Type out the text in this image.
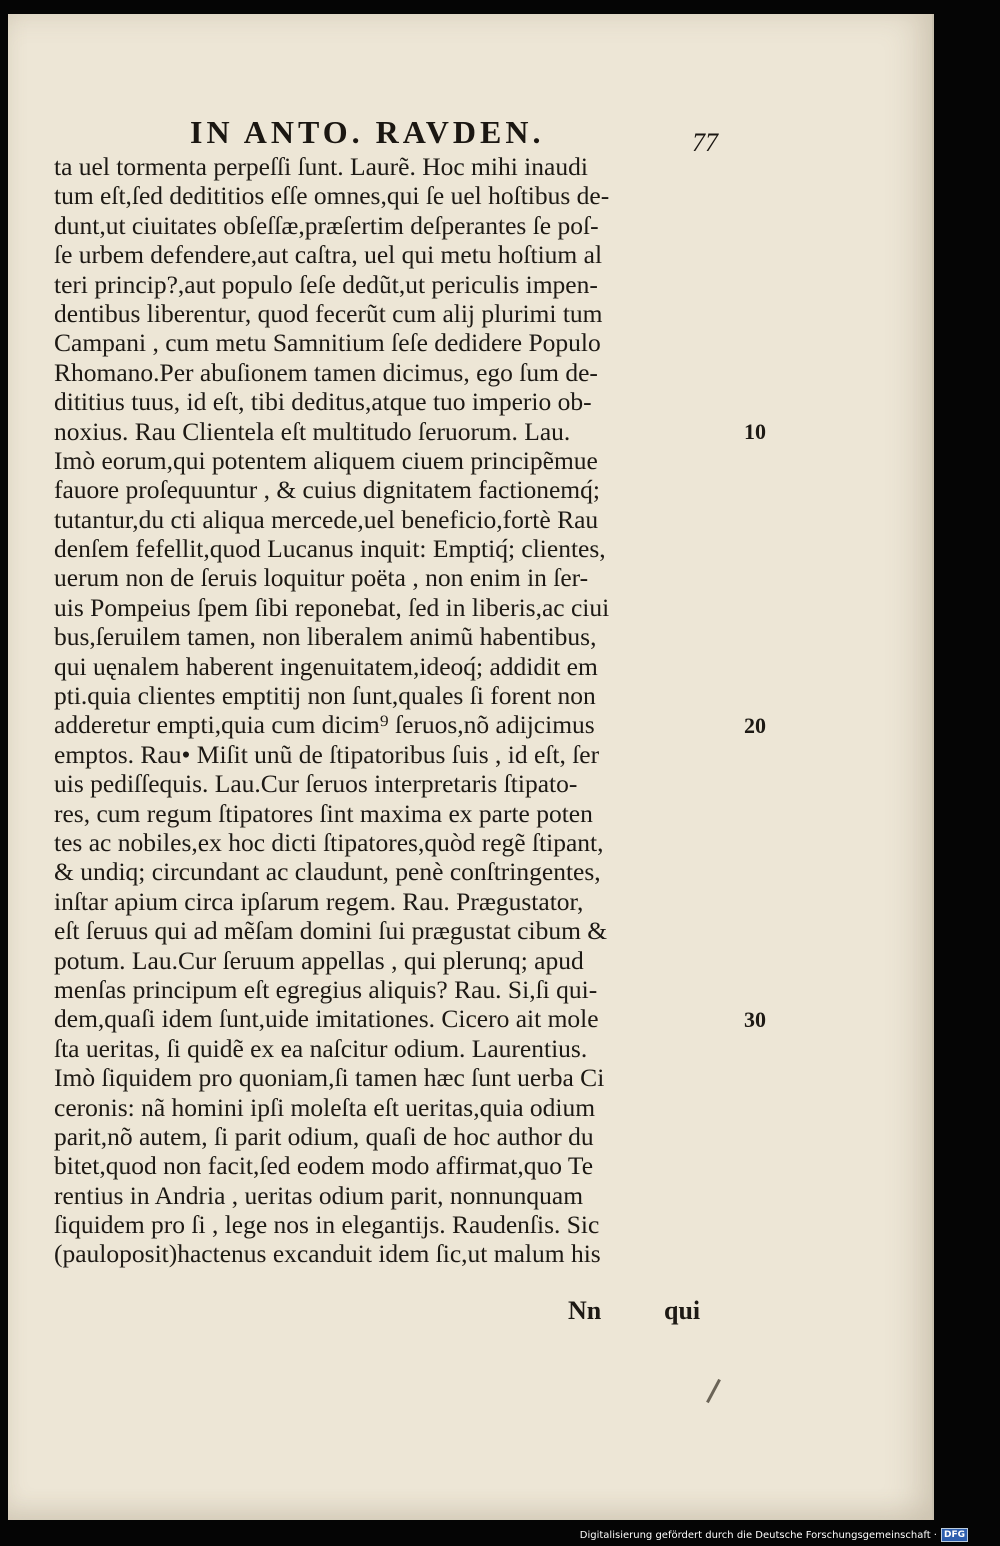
IN ANTO. RAVDEN.	77
ta uel tormenta perpeſſi ſunt. Laurẽ. Hoc mihi inaudi
tum eſt,ſed dedititios eſſe omnes,qui ſe uel hoſtibus de-
dunt,ut ciuitates obſeſſæ,præſertim deſperantes ſe poſ-
ſe urbem defendere,aut caſtra, uel qui metu hoſtium al
teri princip?,aut populo ſeſe dedũt,ut periculis impen-
dentibus liberentur, quod fecerũt cum alij plurimi tum
Campani , cum metu Samnitium ſeſe dedidere Populo
Rhomano.Per abuſionem tamen dicimus, ego ſum de-
dititius tuus, id eſt, tibi deditus,atque tuo imperio ob-
noxius. Rau Clientela eſt multitudo ſeruorum. Lau.
Imò eorum,qui potentem aliquem ciuem principẽmue
fauore proſequuntur , & cuius dignitatem factionemq́;
tutantur,du cti aliqua mercede,uel beneficio,fortè Rau
denſem fefellit,quod Lucanus inquit: Emptiq́; clientes,
uerum non de ſeruis loquitur poëta , non enim in ſer-
uis Pompeius ſpem ſibi reponebat, ſed in liberis,ac ciui
bus,ſeruilem tamen, non liberalem animũ habentibus,
qui uęnalem haberent ingenuitatem,ideoq́; addidit em
pti.quia clientes emptitij non ſunt,quales ſi forent non
adderetur empti,quia cum dicim⁹ ſeruos,nõ adijcimus
emptos. Rau• Miſit unũ de ſtipatoribus ſuis , id eſt, ſer
uis pediſſequis. Lau.Cur ſeruos interpretaris ſtipato-
res, cum regum ſtipatores ſint maxima ex parte poten
tes ac nobiles,ex hoc dicti ſtipatores,quòd regẽ ſtipant,
& undiq; circundant ac claudunt, penè conſtringentes,
inſtar apium circa ipſarum regem. Rau. Prægustator,
eſt ſeruus qui ad mẽſam domini ſui prægustat cibum &
potum. Lau.Cur ſeruum appellas , qui plerunq; apud
menſas principum eſt egregius aliquis? Rau. Si,ſi qui-
dem,quaſi idem ſunt,uide imitationes. Cicero ait mole
ſta ueritas, ſi quidẽ ex ea naſcitur odium. Laurentius.
Imò ſiquidem pro quoniam,ſi tamen hæc ſunt uerba Ci
ceronis: nã homini ipſi moleſta eſt ueritas,quia odium
parit,nõ autem, ſi parit odium, quaſi de hoc author du
bitet,quod non facit,ſed eodem modo affirmat,quo Te
rentius in Andria , ueritas odium parit, nonnunquam
ſiquidem pro ſi , lege nos in elegantijs. Raudenſis. Sic
(pauloposit)hactenus excanduit idem ſic,ut malum his
10
20
30
Nn qui
Digitalisierung gefördert durch die Deutsche Forschungsgemeinschaft · DFG
